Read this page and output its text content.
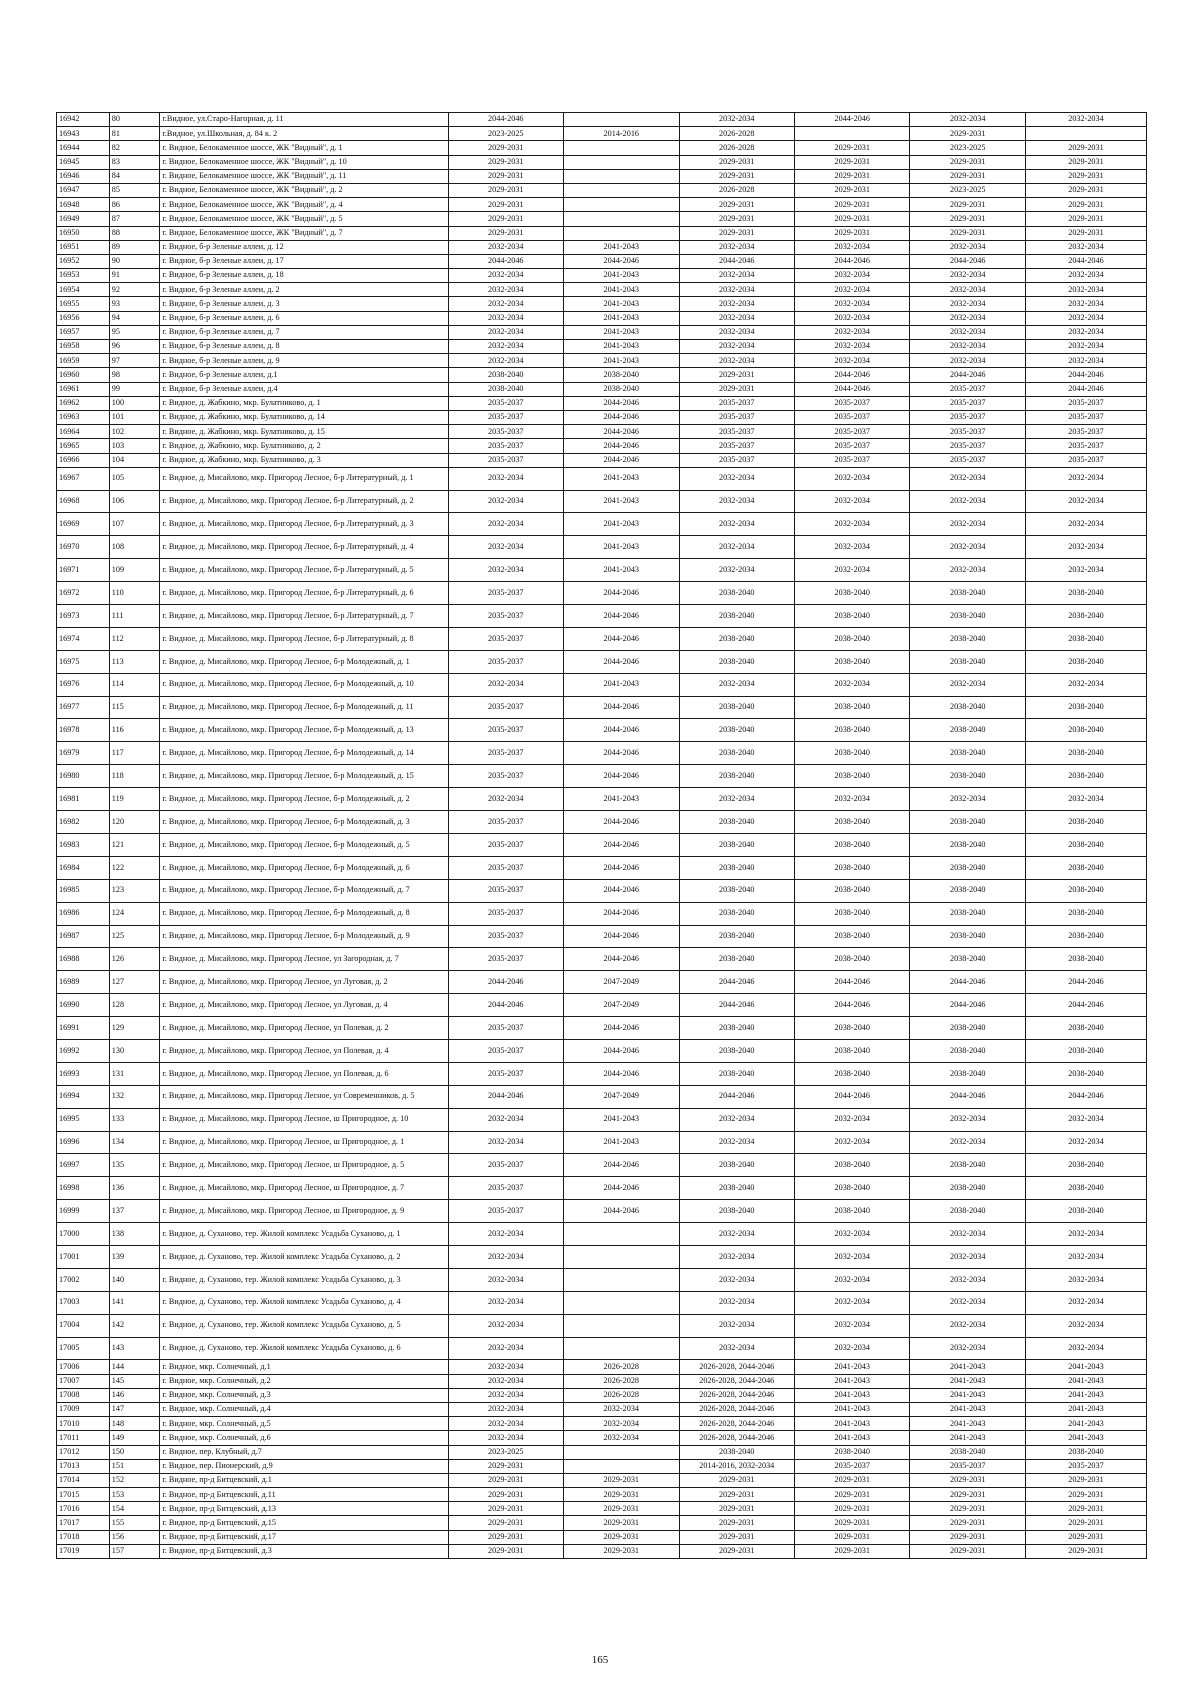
16942	80	г.Видное, ул.Старо-Нагорная, д. 11	2044-2046		2032-2034	2044-2046	2032-2034	2032-2034
16943	81	г.Видное, ул.Школьная, д. 84 к. 2	2023-2025	2014-2016	2026-2028		2029-2031	
16944	82	г. Видное, Белокаменное шоссе, ЖК "Видный", д. 1	2029-2031		2026-2028	2029-2031	2023-2025	2029-2031
16945	83	г. Видное, Белокаменное шоссе, ЖК "Видный", д. 10	2029-2031		2029-2031	2029-2031	2029-2031	2029-2031
16946	84	г. Видное, Белокаменное шоссе, ЖК "Видный", д. 11	2029-2031		2029-2031	2029-2031	2029-2031	2029-2031
16947	85	г. Видное, Белокаменное шоссе, ЖК "Видный", д. 2	2029-2031		2026-2028	2029-2031	2023-2025	2029-2031
16948	86	г. Видное, Белокаменное шоссе, ЖК "Видный", д. 4	2029-2031		2029-2031	2029-2031	2029-2031	2029-2031
16949	87	г. Видное, Белокаменное шоссе, ЖК "Видный", д. 5	2029-2031		2029-2031	2029-2031	2029-2031	2029-2031
16950	88	г. Видное, Белокаменное шоссе, ЖК "Видный", д. 7	2029-2031		2029-2031	2029-2031	2029-2031	2029-2031
16951	89	г. Видное, б-р Зеленые аллеи, д. 12	2032-2034	2041-2043	2032-2034	2032-2034	2032-2034	2032-2034
16952	90	г. Видное, б-р Зеленые аллеи, д. 17	2044-2046	2044-2046	2044-2046	2044-2046	2044-2046	2044-2046
16953	91	г. Видное, б-р Зеленые аллеи, д. 18	2032-2034	2041-2043	2032-2034	2032-2034	2032-2034	2032-2034
16954	92	г. Видное, б-р Зеленые аллеи, д. 2	2032-2034	2041-2043	2032-2034	2032-2034	2032-2034	2032-2034
16955	93	г. Видное, б-р Зеленые аллеи, д. 3	2032-2034	2041-2043	2032-2034	2032-2034	2032-2034	2032-2034
16956	94	г. Видное, б-р Зеленые аллеи, д. 6	2032-2034	2041-2043	2032-2034	2032-2034	2032-2034	2032-2034
16957	95	г. Видное, б-р Зеленые аллеи, д. 7	2032-2034	2041-2043	2032-2034	2032-2034	2032-2034	2032-2034
16958	96	г. Видное, б-р Зеленые аллеи, д. 8	2032-2034	2041-2043	2032-2034	2032-2034	2032-2034	2032-2034
16959	97	г. Видное, б-р Зеленые аллеи, д. 9	2032-2034	2041-2043	2032-2034	2032-2034	2032-2034	2032-2034
16960	98	г. Видное, б-р Зеленые аллеи, д.1	2038-2040	2038-2040	2029-2031	2044-2046	2044-2046	2044-2046
16961	99	г. Видное, б-р Зеленые аллеи, д.4	2038-2040	2038-2040	2029-2031	2044-2046	2035-2037	2044-2046
16962	100	г. Видное, д. Жабкино, мкр. Булатниково, д. 1	2035-2037	2044-2046	2035-2037	2035-2037	2035-2037	2035-2037
16963	101	г. Видное, д. Жабкино, мкр. Булатниково, д. 14	2035-2037	2044-2046	2035-2037	2035-2037	2035-2037	2035-2037
16964	102	г. Видное, д. Жабкино, мкр. Булатниково, д. 15	2035-2037	2044-2046	2035-2037	2035-2037	2035-2037	2035-2037
16965	103	г. Видное, д. Жабкино, мкр. Булатниково, д. 2	2035-2037	2044-2046	2035-2037	2035-2037	2035-2037	2035-2037
16966	104	г. Видное, д. Жабкино, мкр. Булатниково, д. 3	2035-2037	2044-2046	2035-2037	2035-2037	2035-2037	2035-2037
16967	105	г. Видное, д. Мисайлово, мкр. Пригород Лесное, б-р Литературный, д. 1	2032-2034	2041-2043	2032-2034	2032-2034	2032-2034	2032-2034
16968	106	г. Видное, д. Мисайлово, мкр. Пригород Лесное, б-р Литературный, д. 2	2032-2034	2041-2043	2032-2034	2032-2034	2032-2034	2032-2034
16969	107	г. Видное, д. Мисайлово, мкр. Пригород Лесное, б-р Литературный, д. 3	2032-2034	2041-2043	2032-2034	2032-2034	2032-2034	2032-2034
16970	108	г. Видное, д. Мисайлово, мкр. Пригород Лесное, б-р Литературный, д. 4	2032-2034	2041-2043	2032-2034	2032-2034	2032-2034	2032-2034
16971	109	г. Видное, д. Мисайлово, мкр. Пригород Лесное, б-р Литературный, д. 5	2032-2034	2041-2043	2032-2034	2032-2034	2032-2034	2032-2034
16972	110	г. Видное, д. Мисайлово, мкр. Пригород Лесное, б-р Литературный, д. 6	2035-2037	2044-2046	2038-2040	2038-2040	2038-2040	2038-2040
16973	111	г. Видное, д. Мисайлово, мкр. Пригород Лесное, б-р Литературный, д. 7	2035-2037	2044-2046	2038-2040	2038-2040	2038-2040	2038-2040
16974	112	г. Видное, д. Мисайлово, мкр. Пригород Лесное, б-р Литературный, д. 8	2035-2037	2044-2046	2038-2040	2038-2040	2038-2040	2038-2040
16975	113	г. Видное, д. Мисайлово, мкр. Пригород Лесное, б-р Молодежный, д. 1	2035-2037	2044-2046	2038-2040	2038-2040	2038-2040	2038-2040
16976	114	г. Видное, д. Мисайлово, мкр. Пригород Лесное, б-р Молодежный, д. 10	2032-2034	2041-2043	2032-2034	2032-2034	2032-2034	2032-2034
16977	115	г. Видное, д. Мисайлово, мкр. Пригород Лесное, б-р Молодежный, д. 11	2035-2037	2044-2046	2038-2040	2038-2040	2038-2040	2038-2040
16978	116	г. Видное, д. Мисайлово, мкр. Пригород Лесное, б-р Молодежный, д. 13	2035-2037	2044-2046	2038-2040	2038-2040	2038-2040	2038-2040
16979	117	г. Видное, д. Мисайлово, мкр. Пригород Лесное, б-р Молодежный, д. 14	2035-2037	2044-2046	2038-2040	2038-2040	2038-2040	2038-2040
16980	118	г. Видное, д. Мисайлово, мкр. Пригород Лесное, б-р Молодежный, д. 15	2035-2037	2044-2046	2038-2040	2038-2040	2038-2040	2038-2040
16981	119	г. Видное, д. Мисайлово, мкр. Пригород Лесное, б-р Молодежный, д. 2	2032-2034	2041-2043	2032-2034	2032-2034	2032-2034	2032-2034
16982	120	г. Видное, д. Мисайлово, мкр. Пригород Лесное, б-р Молодежный, д. 3	2035-2037	2044-2046	2038-2040	2038-2040	2038-2040	2038-2040
16983	121	г. Видное, д. Мисайлово, мкр. Пригород Лесное, б-р Молодежный, д. 5	2035-2037	2044-2046	2038-2040	2038-2040	2038-2040	2038-2040
16984	122	г. Видное, д. Мисайлово, мкр. Пригород Лесное, б-р Молодежный, д. 6	2035-2037	2044-2046	2038-2040	2038-2040	2038-2040	2038-2040
16985	123	г. Видное, д. Мисайлово, мкр. Пригород Лесное, б-р Молодежный, д. 7	2035-2037	2044-2046	2038-2040	2038-2040	2038-2040	2038-2040
16986	124	г. Видное, д. Мисайлово, мкр. Пригород Лесное, б-р Молодежный, д. 8	2035-2037	2044-2046	2038-2040	2038-2040	2038-2040	2038-2040
16987	125	г. Видное, д. Мисайлово, мкр. Пригород Лесное, б-р Молодежный, д. 9	2035-2037	2044-2046	2038-2040	2038-2040	2038-2040	2038-2040
16988	126	г. Видное, д. Мисайлово, мкр. Пригород Лесное, ул Загородная, д. 7	2035-2037	2044-2046	2038-2040	2038-2040	2038-2040	2038-2040
16989	127	г. Видное, д. Мисайлово, мкр. Пригород Лесное, ул Луговая, д. 2	2044-2046	2047-2049	2044-2046	2044-2046	2044-2046	2044-2046
16990	128	г. Видное, д. Мисайлово, мкр. Пригород Лесное, ул Луговая, д. 4	2044-2046	2047-2049	2044-2046	2044-2046	2044-2046	2044-2046
16991	129	г. Видное, д. Мисайлово, мкр. Пригород Лесное, ул Полевая, д. 2	2035-2037	2044-2046	2038-2040	2038-2040	2038-2040	2038-2040
16992	130	г. Видное, д. Мисайлово, мкр. Пригород Лесное, ул Полевая, д. 4	2035-2037	2044-2046	2038-2040	2038-2040	2038-2040	2038-2040
16993	131	г. Видное, д. Мисайлово, мкр. Пригород Лесное, ул Полевая, д. 6	2035-2037	2044-2046	2038-2040	2038-2040	2038-2040	2038-2040
16994	132	г. Видное, д. Мисайлово, мкр. Пригород Лесное, ул Современников, д. 5	2044-2046	2047-2049	2044-2046	2044-2046	2044-2046	2044-2046
16995	133	г. Видное, д. Мисайлово, мкр. Пригород Лесное, ш Пригородное, д. 10	2032-2034	2041-2043	2032-2034	2032-2034	2032-2034	2032-2034
16996	134	г. Видное, д. Мисайлово, мкр. Пригород Лесное, ш Пригородное, д. 1	2032-2034	2041-2043	2032-2034	2032-2034	2032-2034	2032-2034
16997	135	г. Видное, д. Мисайлово, мкр. Пригород Лесное, ш Пригородное, д. 5	2035-2037	2044-2046	2038-2040	2038-2040	2038-2040	2038-2040
16998	136	г. Видное, д. Мисайлово, мкр. Пригород Лесное, ш Пригородное, д. 7	2035-2037	2044-2046	2038-2040	2038-2040	2038-2040	2038-2040
16999	137	г. Видное, д. Мисайлово, мкр. Пригород Лесное, ш Пригородное, д. 9	2035-2037	2044-2046	2038-2040	2038-2040	2038-2040	2038-2040
17000	138	г. Видное, д. Суханово, тер. Жилой комплекс Усадьба Суханово, д. 1	2032-2034		2032-2034	2032-2034	2032-2034	2032-2034
17001	139	г. Видное, д. Суханово, тер. Жилой комплекс Усадьба Суханово, д. 2	2032-2034		2032-2034	2032-2034	2032-2034	2032-2034
17002	140	г. Видное, д. Суханово, тер. Жилой комплекс Усадьба Суханово, д. 3	2032-2034		2032-2034	2032-2034	2032-2034	2032-2034
17003	141	г. Видное, д. Суханово, тер. Жилой комплекс Усадьба Суханово, д. 4	2032-2034		2032-2034	2032-2034	2032-2034	2032-2034
17004	142	г. Видное, д. Суханово, тер. Жилой комплекс Усадьба Суханово, д. 5	2032-2034		2032-2034	2032-2034	2032-2034	2032-2034
17005	143	г. Видное, д. Суханово, тер. Жилой комплекс Усадьба Суханово, д. 6	2032-2034		2032-2034	2032-2034	2032-2034	2032-2034
17006	144	г. Видное, мкр. Солнечный, д.1	2032-2034	2026-2028	2026-2028, 2044-2046	2041-2043	2041-2043	2041-2043
17007	145	г. Видное, мкр. Солнечный, д.2	2032-2034	2026-2028	2026-2028, 2044-2046	2041-2043	2041-2043	2041-2043
17008	146	г. Видное, мкр. Солнечный, д.3	2032-2034	2026-2028	2026-2028, 2044-2046	2041-2043	2041-2043	2041-2043
17009	147	г. Видное, мкр. Солнечный, д.4	2032-2034	2032-2034	2026-2028, 2044-2046	2041-2043	2041-2043	2041-2043
17010	148	г. Видное, мкр. Солнечный, д.5	2032-2034	2032-2034	2026-2028, 2044-2046	2041-2043	2041-2043	2041-2043
17011	149	г. Видное, мкр. Солнечный, д.6	2032-2034	2032-2034	2026-2028, 2044-2046	2041-2043	2041-2043	2041-2043
17012	150	г. Видное, пер. Клубный, д.7	2023-2025		2038-2040	2038-2040	2038-2040	2038-2040
17013	151	г. Видное, пер. Пионерский, д.9	2029-2031		2014-2016, 2032-2034	2035-2037	2035-2037	2035-2037
17014	152	г. Видное, пр-д Битцевский, д.1	2029-2031	2029-2031	2029-2031	2029-2031	2029-2031	2029-2031
17015	153	г. Видное, пр-д Битцевский, д.11	2029-2031	2029-2031	2029-2031	2029-2031	2029-2031	2029-2031
17016	154	г. Видное, пр-д Битцевский, д.13	2029-2031	2029-2031	2029-2031	2029-2031	2029-2031	2029-2031
17017	155	г. Видное, пр-д Битцевский, д.15	2029-2031	2029-2031	2029-2031	2029-2031	2029-2031	2029-2031
17018	156	г. Видное, пр-д Битцевский, д.17	2029-2031	2029-2031	2029-2031	2029-2031	2029-2031	2029-2031
17019	157	г. Видное, пр-д Битцевский, д.3	2029-2031	2029-2031	2029-2031	2029-2031	2029-2031	2029-2031
165
